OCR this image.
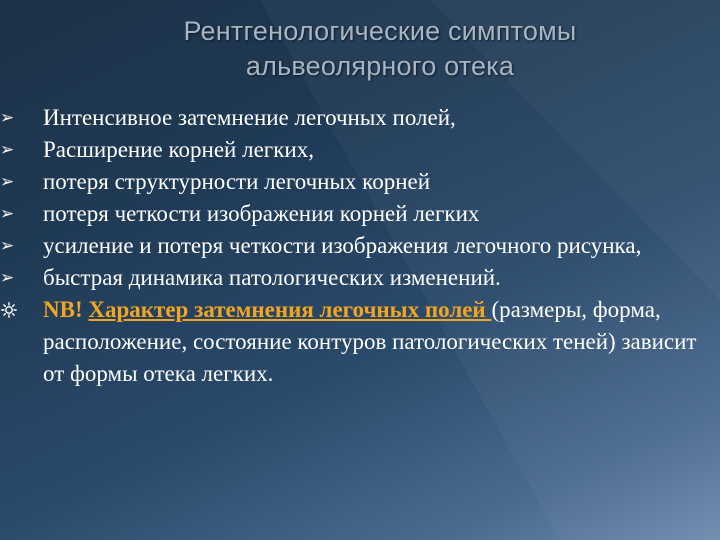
Рентгенологические симптомы
альвеолярного отека
➢ Интенсивное затемнение легочных полей,
➢ Расширение корней легких,
➢ потеря структурности легочных корней
➢ потеря четкости изображения корней легких
➢ усиление и потеря четкости изображения легочного рисунка,
➢ быстрая динамика патологических изменений.
NB! Характер затемнения легочных полей (размеры, форма, расположение, состояние контуров патологических теней) зависит от формы отека легких.
